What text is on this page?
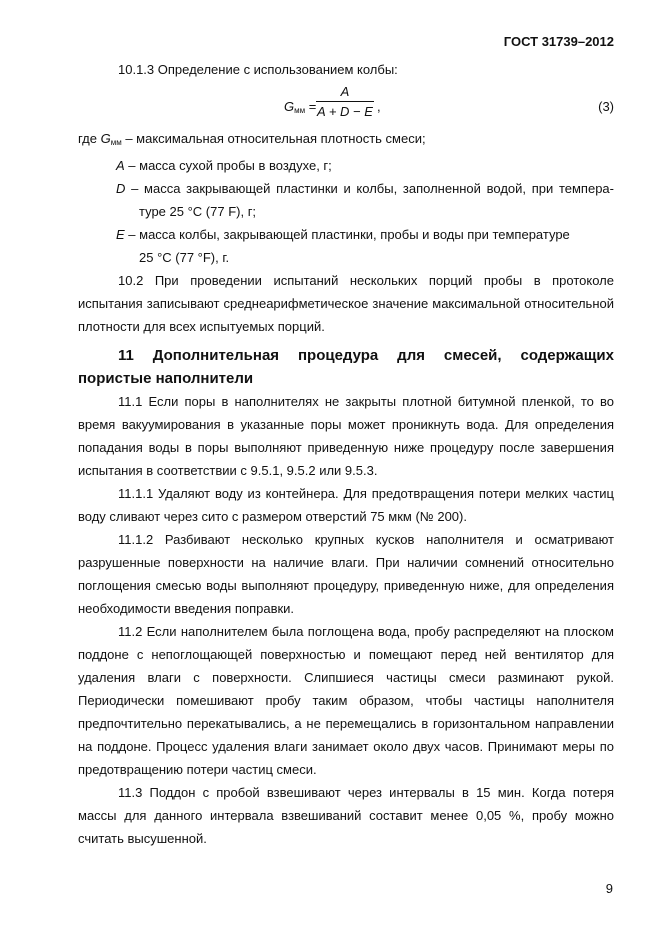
ГОСТ 31739–2012

10.1.3 Определение с использованием колбы:

$G_{мм}$ =
A
A + D − E ,	(3)

где $G_{мм}$ – максимальная относительная плотность смеси;

A – масса сухой пробы в воздухе, г;

D – масса закрывающей пластинки и колбы, заполненной водой, при темпера-

туре 25 °С (77 F), г;

E – масса колбы, закрывающей пластинки, пробы и воды при температуре

25 °С (77 °F), г.

10.2 При проведении испытаний нескольких порций пробы в протоколе испытания записывают среднеарифметическое значение максимальной относительной плотности для всех испытуемых порций.

11 Дополнительная процедура для смесей, содержащих пористые наполнители

11.1 Если поры в наполнителях не закрыты плотной битумной пленкой, то во время вакуумирования в указанные поры может проникнуть вода. Для определения попадания воды в поры выполняют приведенную ниже процедуру после завершения испытания в соответствии с 9.5.1, 9.5.2 или 9.5.3.

11.1.1 Удаляют воду из контейнера. Для предотвращения потери мелких частиц воду сливают через сито с размером отверстий 75 мкм (№ 200).

11.1.2 Разбивают несколько крупных кусков наполнителя и осматривают разрушенные поверхности на наличие влаги. При наличии сомнений относительно поглощения смесью воды выполняют процедуру, приведенную ниже, для определения необходимости введения поправки.

11.2 Если наполнителем была поглощена вода, пробу распределяют на плоском поддоне с непоглощающей поверхностью и помещают перед ней вентилятор для удаления влаги с поверхности. Слипшиеся частицы смеси разминают рукой. Периодически помешивают пробу таким образом, чтобы частицы наполнителя предпочтительно перекатывались, а не перемещались в горизонтальном направлении на поддоне. Процесс удаления влаги занимает около двух часов. Принимают меры по предотвращению потери частиц смеси.

11.3 Поддон с пробой взвешивают через интервалы в 15 мин. Когда потеря массы для данного интервала взвешиваний составит менее 0,05 %, пробу можно считать высушенной.

9
